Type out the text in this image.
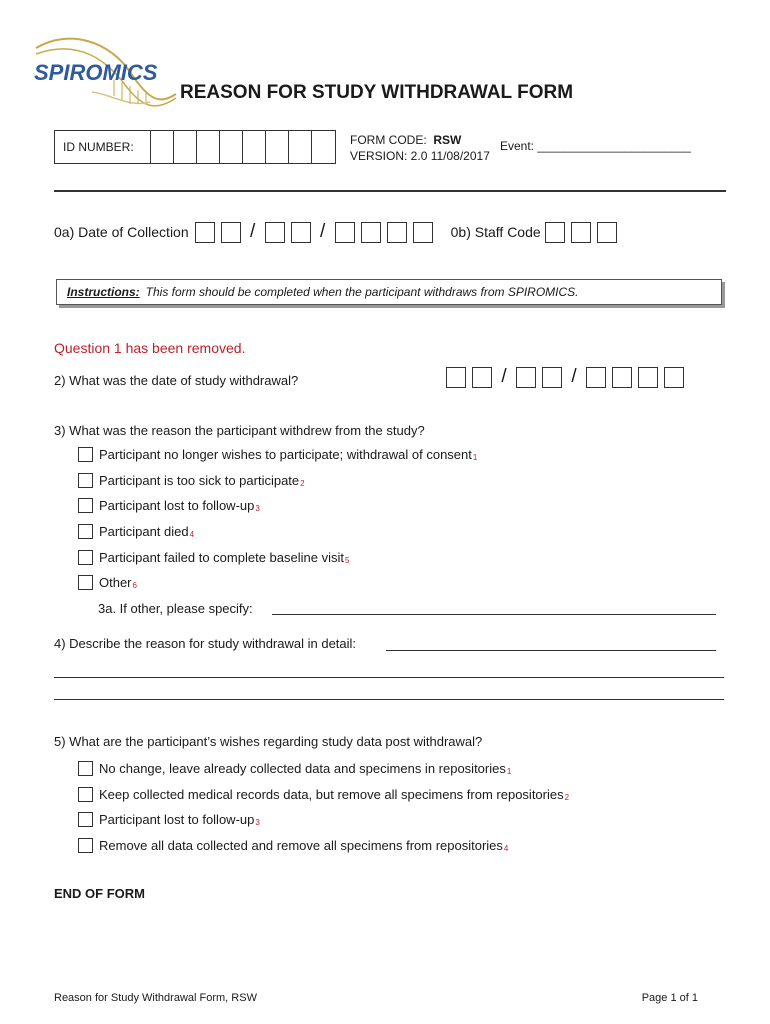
SPIROMICS
REASON FOR STUDY WITHDRAWAL FORM
ID NUMBER:	FORM CODE: RSW
VERSION: 2.0 11/08/2017
Event: _______________________
0a) Date of Collection	/	/	0b) Staff Code
Instructions: This form should be completed when the participant withdraws from SPIROMICS.
Question 1 has been removed.
2) What was the date of study withdrawal?	/	/
3) What was the reason the participant withdrew from the study?
Participant no longer wishes to participate; withdrawal of consent 1
Participant is too sick to participate 2
Participant lost to follow-up 3
Participant died 4
Participant failed to complete baseline visit 5
Other 6
3a. If other, please specify:
4) Describe the reason for study withdrawal in detail:
5) What are the participant’s wishes regarding study data post withdrawal?
No change, leave already collected data and specimens in repositories 1
Keep collected medical records data, but remove all specimens from repositories 2
Participant lost to follow-up 3
Remove all data collected and remove all specimens from repositories 4
END OF FORM
Reason for Study Withdrawal Form, RSW	Page 1 of 1
